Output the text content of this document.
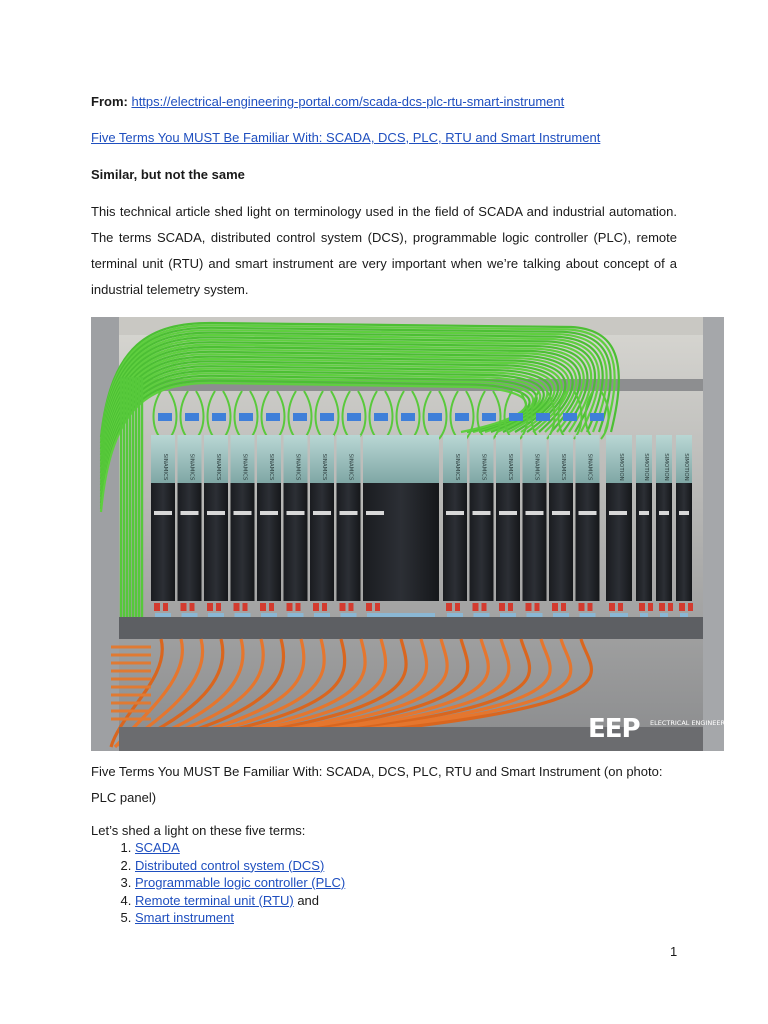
From: https://electrical-engineering-portal.com/scada-dcs-plc-rtu-smart-instrument
Five Terms You MUST Be Familiar With: SCADA, DCS, PLC, RTU and Smart Instrument
Similar, but not the same
This technical article shed light on terminology used in the field of SCADA and industrial automation. The terms SCADA, distributed control system (DCS), programmable logic controller (PLC), remote terminal unit (RTU) and smart instrument are very important when we’re talking about concept of a industrial telemetry system.
SINAMICS	SINAMICS	SINAMICS	SINAMICS	SINAMICS	SINAMICS	SINAMICS	SINAMICS	SINAMICS	SINAMICS	SINAMICS	SINAMICS	SINAMICS	SINAMICS	SIMOTION	SIMOTION	SIMOTION	SIMOTION
EEP ELECTRICAL ENGINEERING PORTAL
Five Terms You MUST Be Familiar With: SCADA, DCS, PLC, RTU and Smart Instrument (on photo: PLC panel)
Let’s shed a light on these five terms:
1. SCADA
2. Distributed control system (DCS)
3. Programmable logic controller (PLC)
4. Remote terminal unit (RTU) and
5. Smart instrument
1
